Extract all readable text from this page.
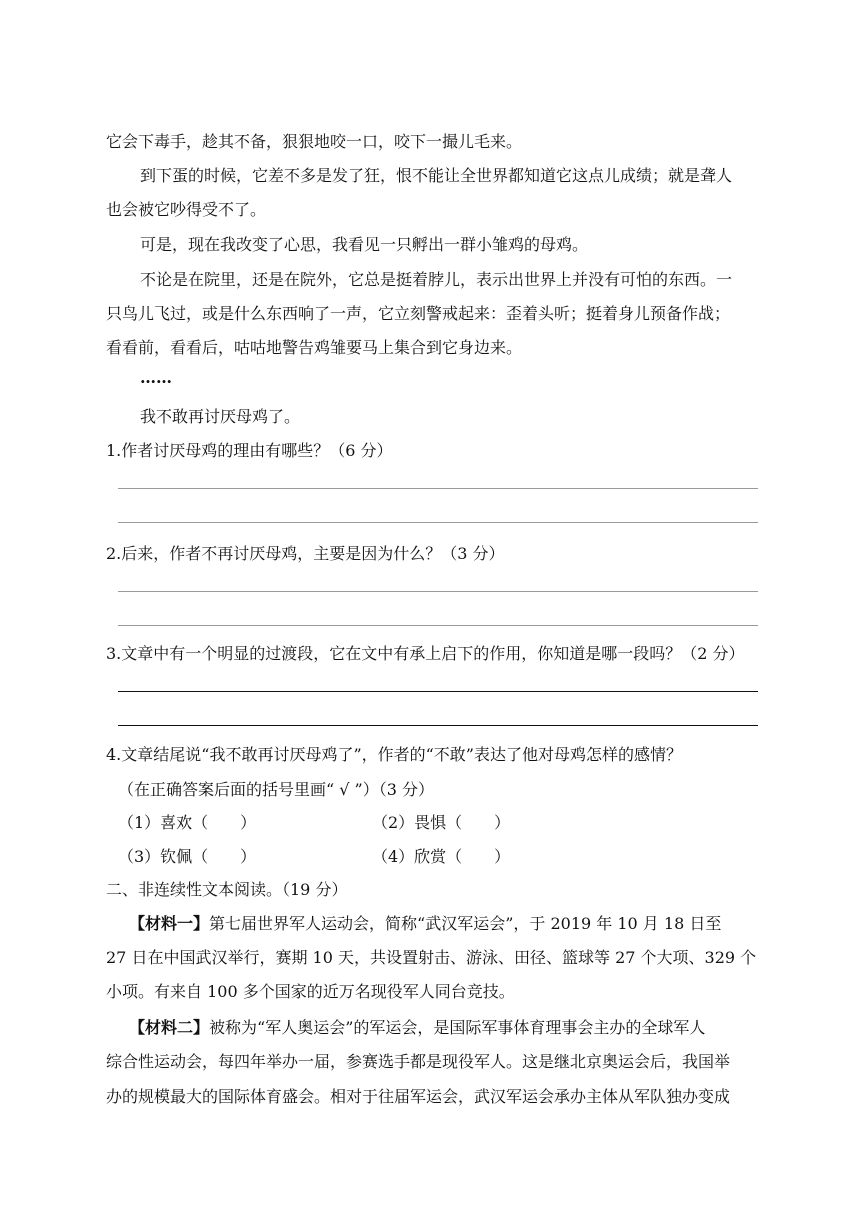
它会下毒手，趁其不备，狠狠地咬一口，咬下一撮儿毛来。
到下蛋的时候，它差不多是发了狂，恨不能让全世界都知道它这点儿成绩；就是聋人
也会被它吵得受不了。
可是，现在我改变了心思，我看见一只孵出一群小雏鸡的母鸡。
不论是在院里，还是在院外，它总是挺着脖儿，表示出世界上并没有可怕的东西。一
只鸟儿飞过，或是什么东西响了一声，它立刻警戒起来：歪着头听；挺着身儿预备作战；
看看前，看看后，咕咕地警告鸡雏要马上集合到它身边来。
……
我不敢再讨厌母鸡了。
1.作者讨厌母鸡的理由有哪些？（6 分）
2.后来，作者不再讨厌母鸡，主要是因为什么？（3 分）
3.文章中有一个明显的过渡段，它在文中有承上启下的作用，你知道是哪一段吗？（2 分）
4.文章结尾说“我不敢再讨厌母鸡了”，作者的“不敢”表达了他对母鸡怎样的感情？
（在正确答案后面的括号里画“ √ ”）（3 分）
（1）喜欢（　　）	（2）畏惧（　　）
（3）钦佩（　　）	（4）欣赏（　　）
二、非连续性文本阅读。（19 分）
【材料一】第七届世界军人运动会，简称“武汉军运会”，于 2019 年 10 月 18 日至
27 日在中国武汉举行，赛期 10 天，共设置射击、游泳、田径、篮球等 27 个大项、329 个
小项。有来自 100 多个国家的近万名现役军人同台竞技。
【材料二】被称为“军人奥运会”的军运会，是国际军事体育理事会主办的全球军人
综合性运动会，每四年举办一届，参赛选手都是现役军人。这是继北京奥运会后，我国举
办的规模最大的国际体育盛会。相对于往届军运会，武汉军运会承办主体从军队独办变成
